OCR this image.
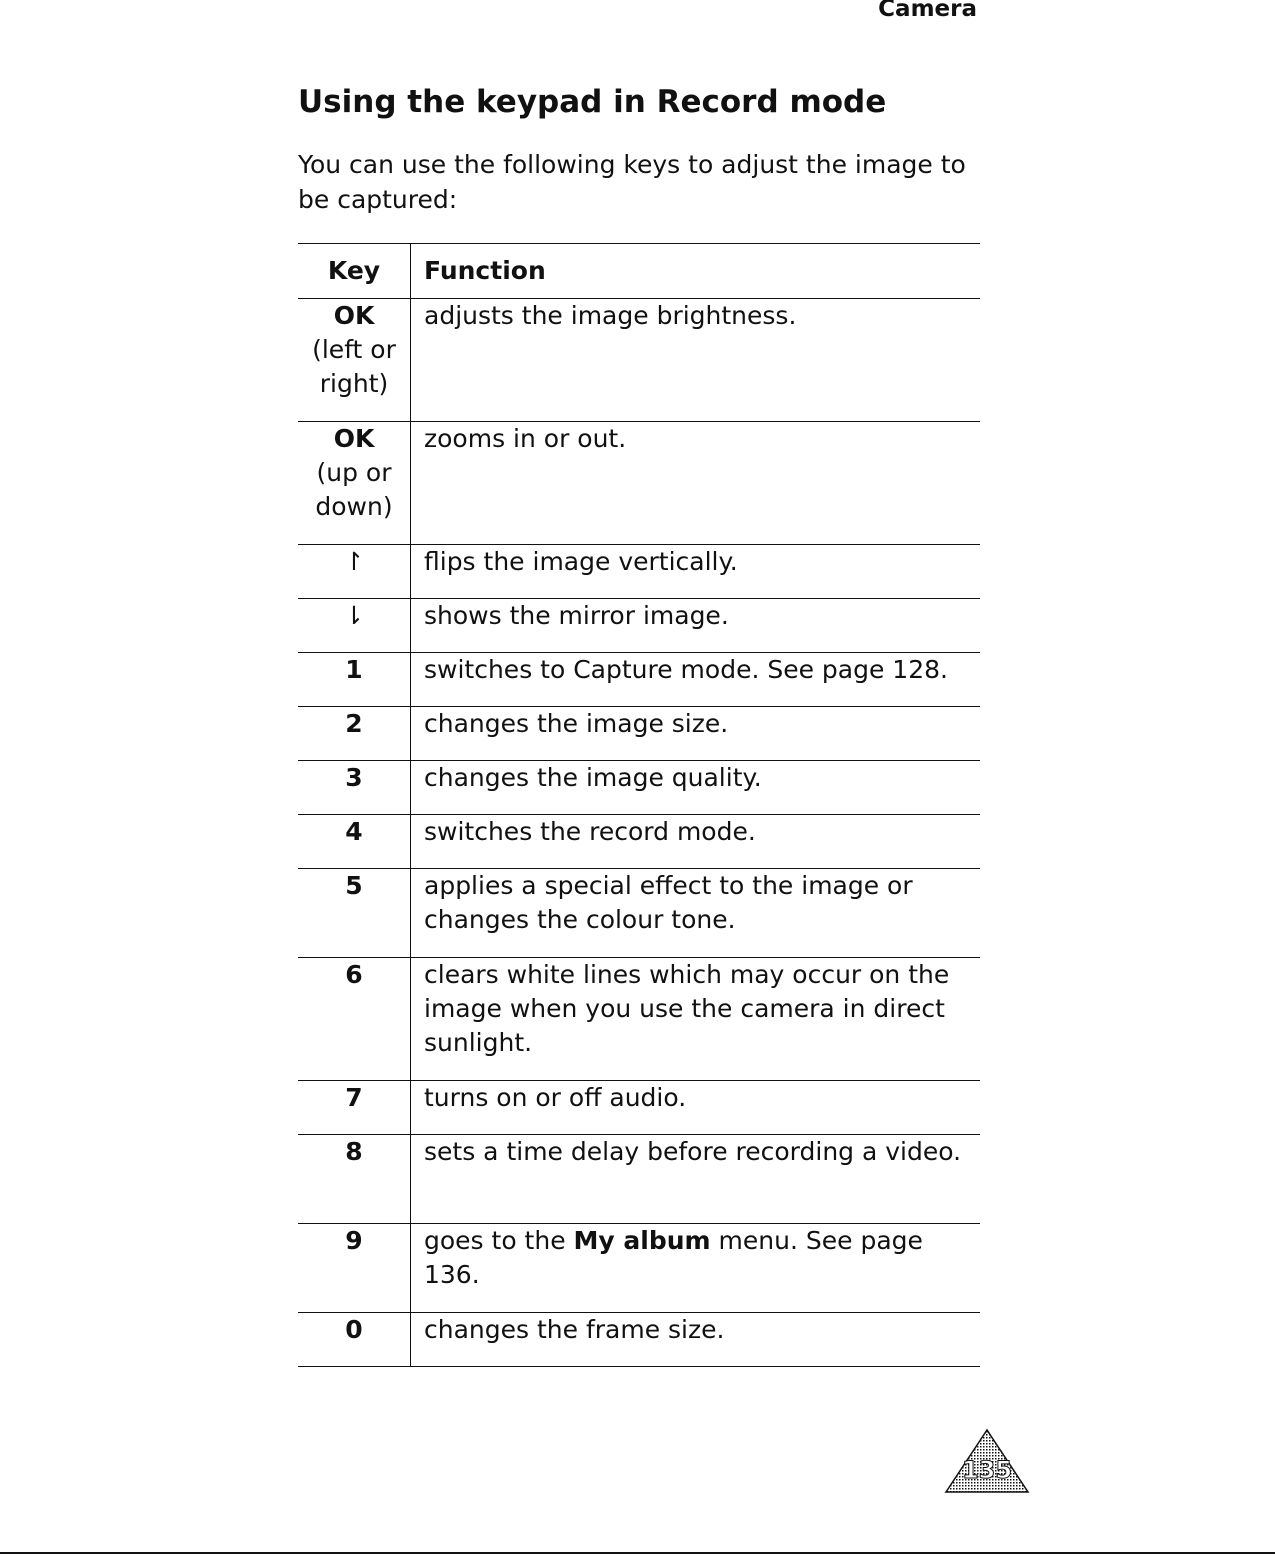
Camera
Using the keypad in Record mode

You can use the following keys to adjust the image to be captured:

Key	Function

OK
(left or right)	adjusts the image brightness.

OK
(up or down)	zooms in or out.
↾	flips the image vertically.
⇂	shows the mirror image.

1	switches to Capture mode. See page 128.

2	changes the image size.

3	changes the image quality.

4	switches the record mode.

5	applies a special effect to the image or changes the colour tone.

6	clears white lines which may occur on the image when you use the camera in direct sunlight.

7	turns on or off audio.

8	sets a time delay before recording a video.

9	goes to the My album menu. See page 136.

0	changes the frame size.
135
